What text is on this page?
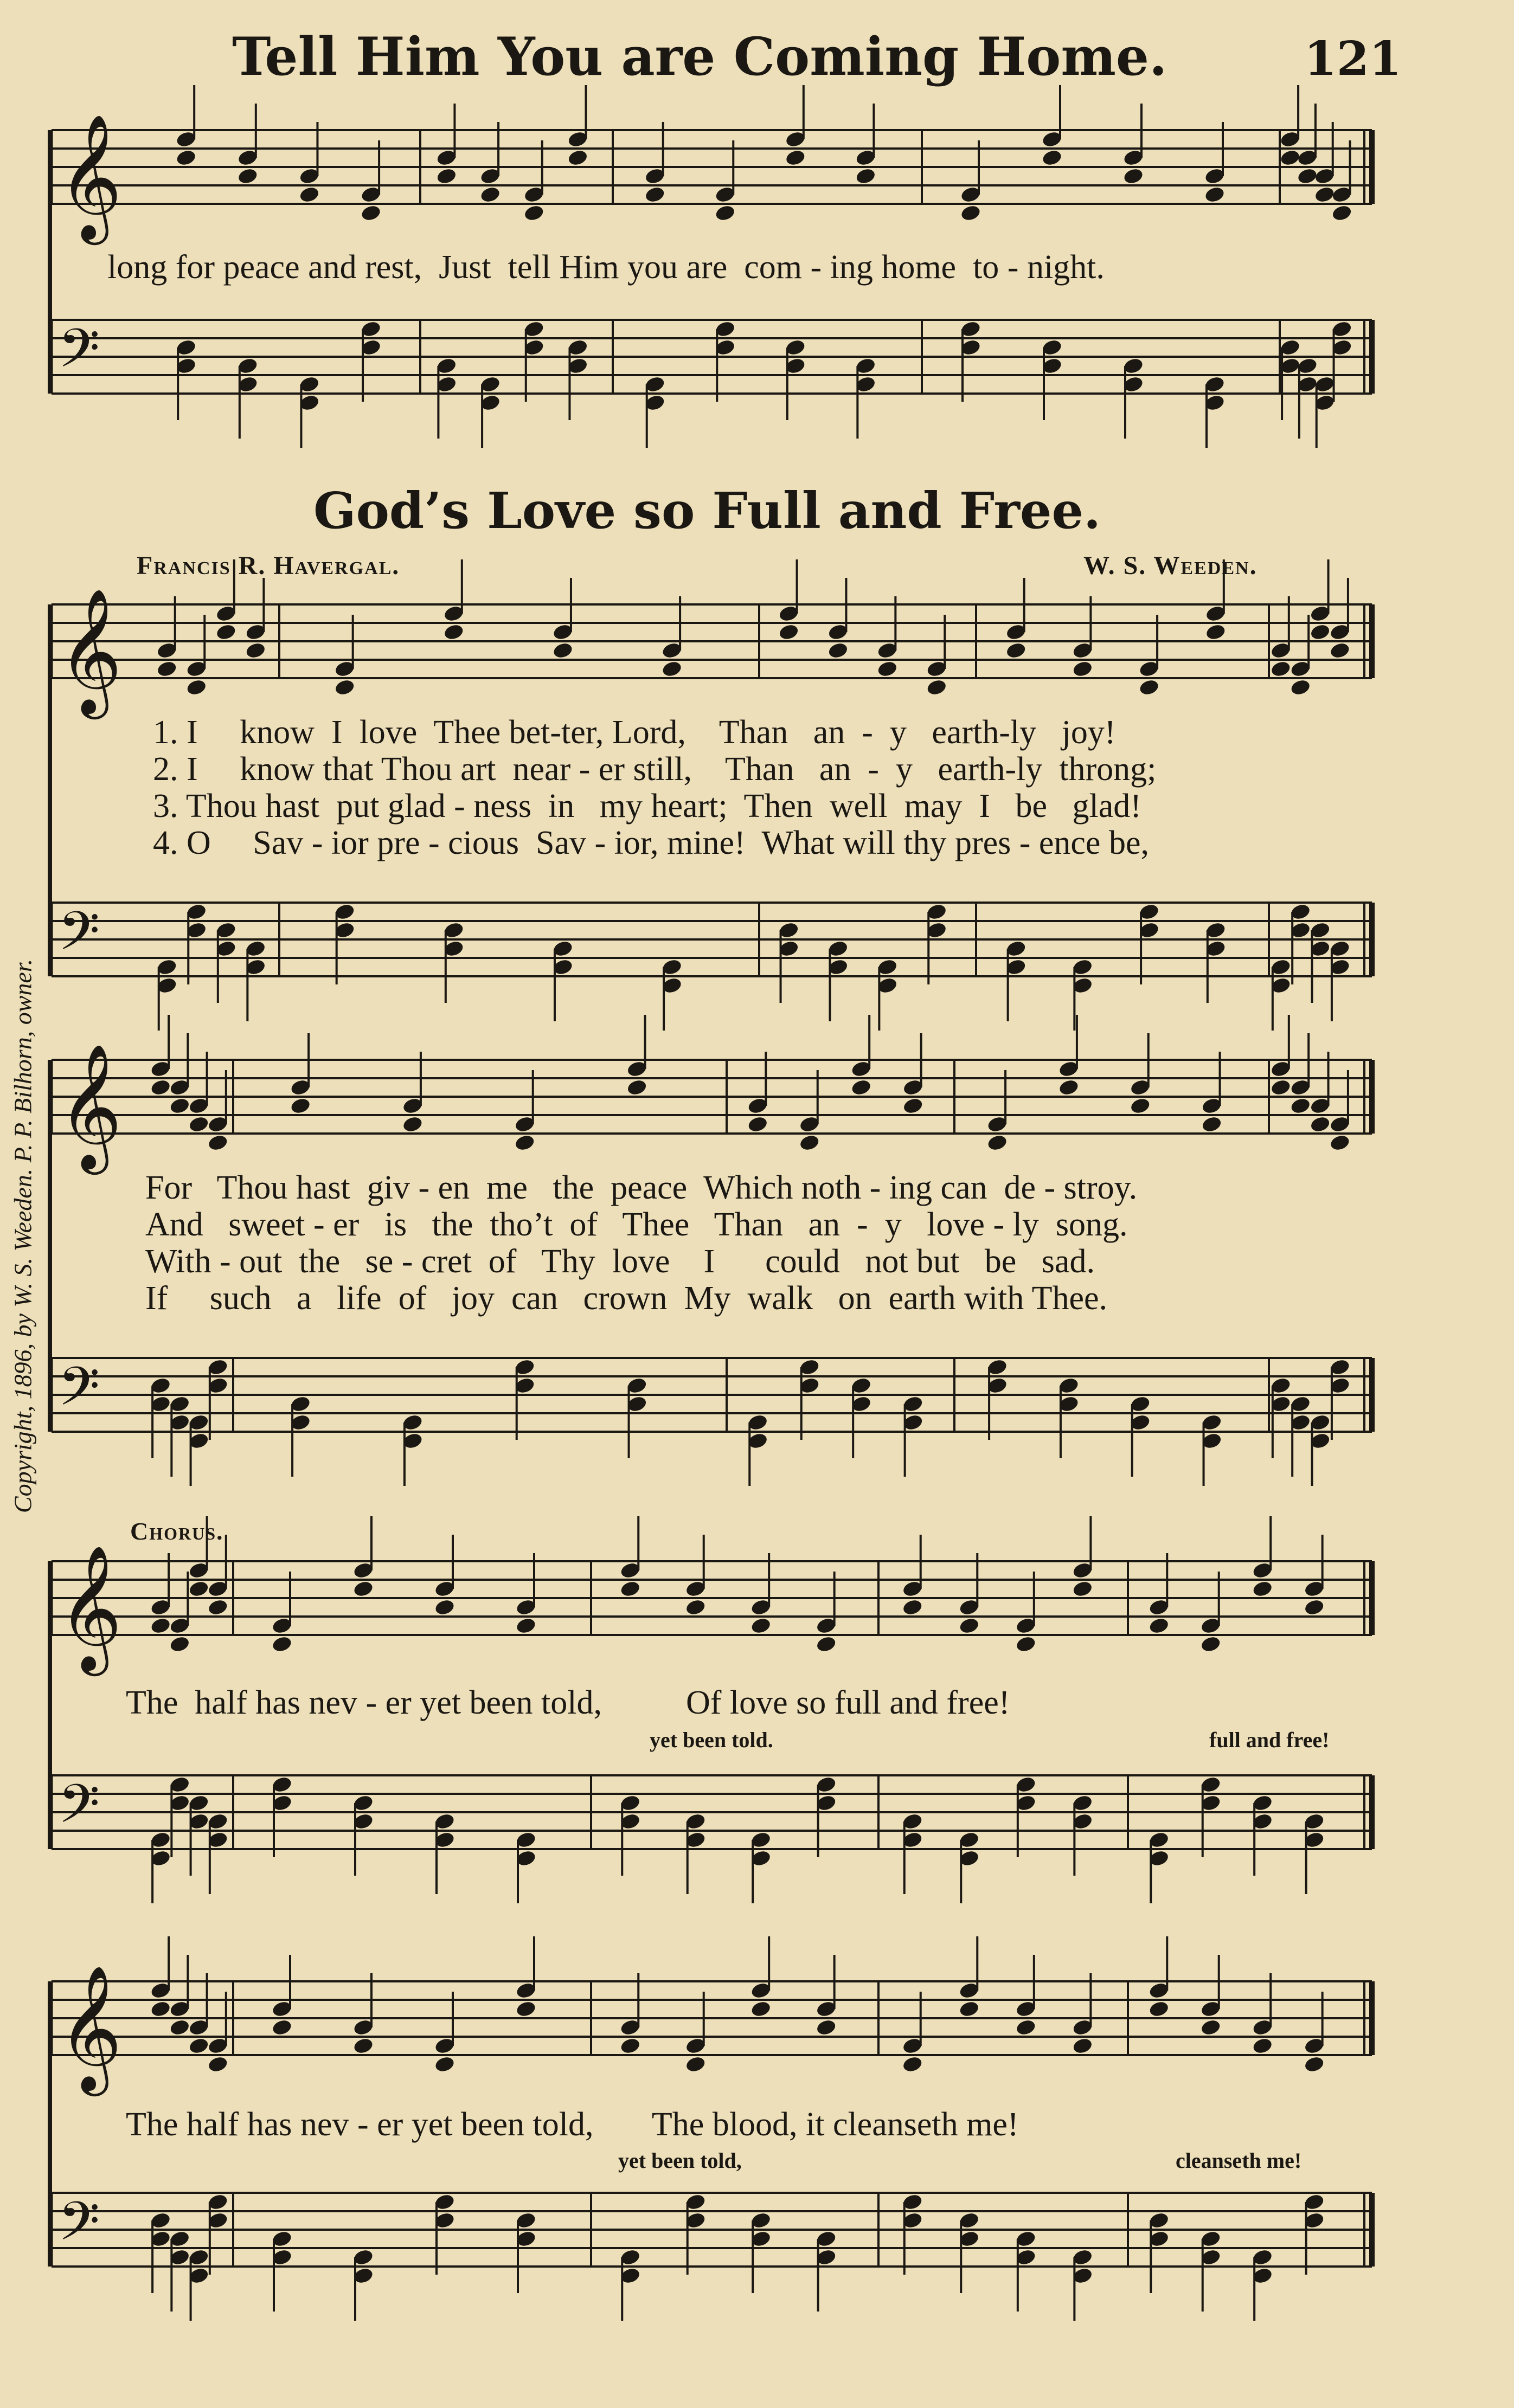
Tell Him You are Coming Home.	121
𝄞
𝄢
𝄞
𝄢
𝄞
𝄢
𝄞
𝄢
𝄞
𝄢
long for peace and rest,  Just  tell Him you are  com - ing home  to - night.
God’s Love so Full and Free.
Francis R. Havergal.	W. S. Weeden.
1. I     know  I  love  Thee bet-ter, Lord,    Than   an  -  y   earth-ly   joy!
2. I     know that Thou art  near - er still,    Than   an  -  y   earth-ly  throng;
3. Thou hast  put glad - ness  in   my heart;  Then  well  may  I   be   glad!
4. O     Sav - ior pre - cious  Sav - ior, mine!  What will thy pres - ence be,
For   Thou hast  giv - en  me   the  peace  Which noth - ing can  de - stroy.
And   sweet - er   is   the  tho’t  of   Thee   Than   an  -  y   love - ly  song.
With - out  the   se - cret  of   Thy  love    I      could   not but   be   sad.
If     such   a   life  of   joy  can   crown  My  walk   on  earth with Thee.
Chorus.
The  half has nev - er yet been told,          Of love so full and free!
yet been told.	full and free!
The half has nev - er yet been told,       The blood, it cleanseth me!
yet been told,	cleanseth me!
Copyright, 1896, by W. S. Weeden. P. P. Bilhorn, owner.
